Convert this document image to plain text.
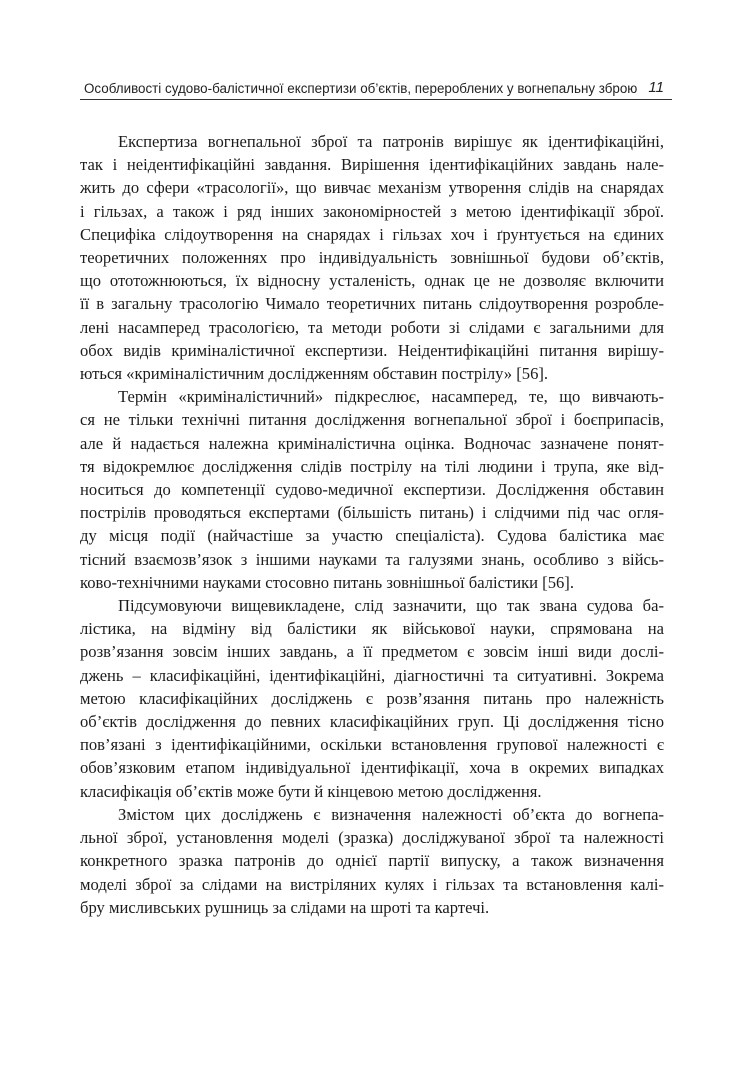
Особливості судово-балістичної експертизи об’єктів, перероблених у вогнепальну зброю 11
Експертиза вогнепальної зброї та патронів вирішує як ідентифікаційні,
так і неідентифікаційні завдання. Вирішення ідентифікаційних завдань нале-
жить до сфери «трасології», що вивчає механізм утворення слідів на снарядах
і гільзах, а також і ряд інших закономірностей з метою ідентифікації зброї.
Специфіка слідоутворення на снарядах і гільзах хоч і ґрунтується на єдиних
теоретичних положеннях про індивідуальність зовнішньої будови об’єктів,
що ототожнюються, їх відносну усталеність, однак це не дозволяє включити
її в загальну трасологію Чимало теоретичних питань слідоутворення розробле-
лені насамперед трасологією, та методи роботи зі слідами є загальними для
обох видів криміналістичної експертизи. Неідентифікаційні питання вирішу-
ються «криміналістичним дослідженням обставин пострілу» [56].
Термін «криміналістичний» підкреслює, насамперед, те, що вивчають-
ся не тільки технічні питання дослідження вогнепальної зброї і боєприпасів,
але й надається належна криміналістична оцінка. Водночас зазначене понят-
тя відокремлює дослідження слідів пострілу на тілі людини і трупа, яке від-
носиться до компетенції судово-медичної експертизи. Дослідження обставин
пострілів проводяться експертами (більшість питань) і слідчими під час огля-
ду місця події (найчастіше за участю спеціаліста). Судова балістика має
тісний взаємозв’язок з іншими науками та галузями знань, особливо з війсь-
ково-технічними науками стосовно питань зовнішньої балістики [56].
Підсумовуючи вищевикладене, слід зазначити, що так звана судова ба-
лістика, на відміну від балістики як військової науки, спрямована на
розв’язання зовсім інших завдань, а її предметом є зовсім інші види дослі-
джень – класифікаційні, ідентифікаційні, діагностичні та ситуативні. Зокрема
метою класифікаційних досліджень є розв’язання питань про належність
об’єктів дослідження до певних класифікаційних груп. Ці дослідження тісно
пов’язані з ідентифікаційними, оскільки встановлення групової належності є
обов’язковим етапом індивідуальної ідентифікації, хоча в окремих випадках
класифікація об’єктів може бути й кінцевою метою дослідження.
Змістом цих досліджень є визначення належності об’єкта до вогнепа-
льної зброї, установлення моделі (зразка) досліджуваної зброї та належності
конкретного зразка патронів до однієї партії випуску, а також визначення
моделі зброї за слідами на вистріляних кулях і гільзах та встановлення калі-
бру мисливських рушниць за слідами на шроті та картечі.
